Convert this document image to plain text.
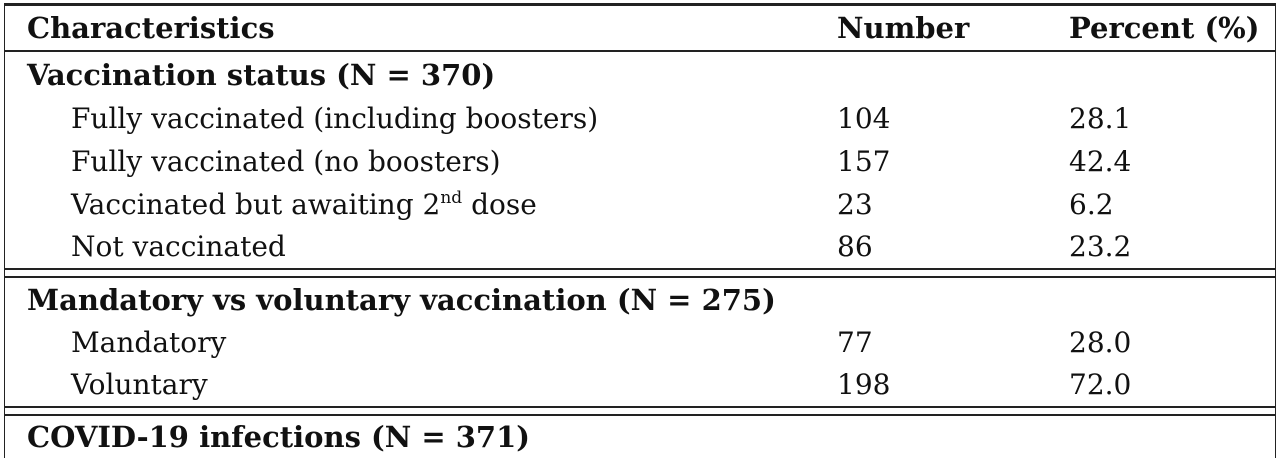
Characteristics	Number	Percent (%)
Vaccination status (N = 370)
Fully vaccinated (including boosters)	104	28.1
Fully vaccinated (no boosters)	157	42.4
Vaccinated but awaiting 2nd dose	23	6.2
Not vaccinated	86	23.2
Mandatory vs voluntary vaccination (N = 275)
Mandatory	77	28.0
Voluntary	198	72.0
COVID-19 infections (N = 371)
